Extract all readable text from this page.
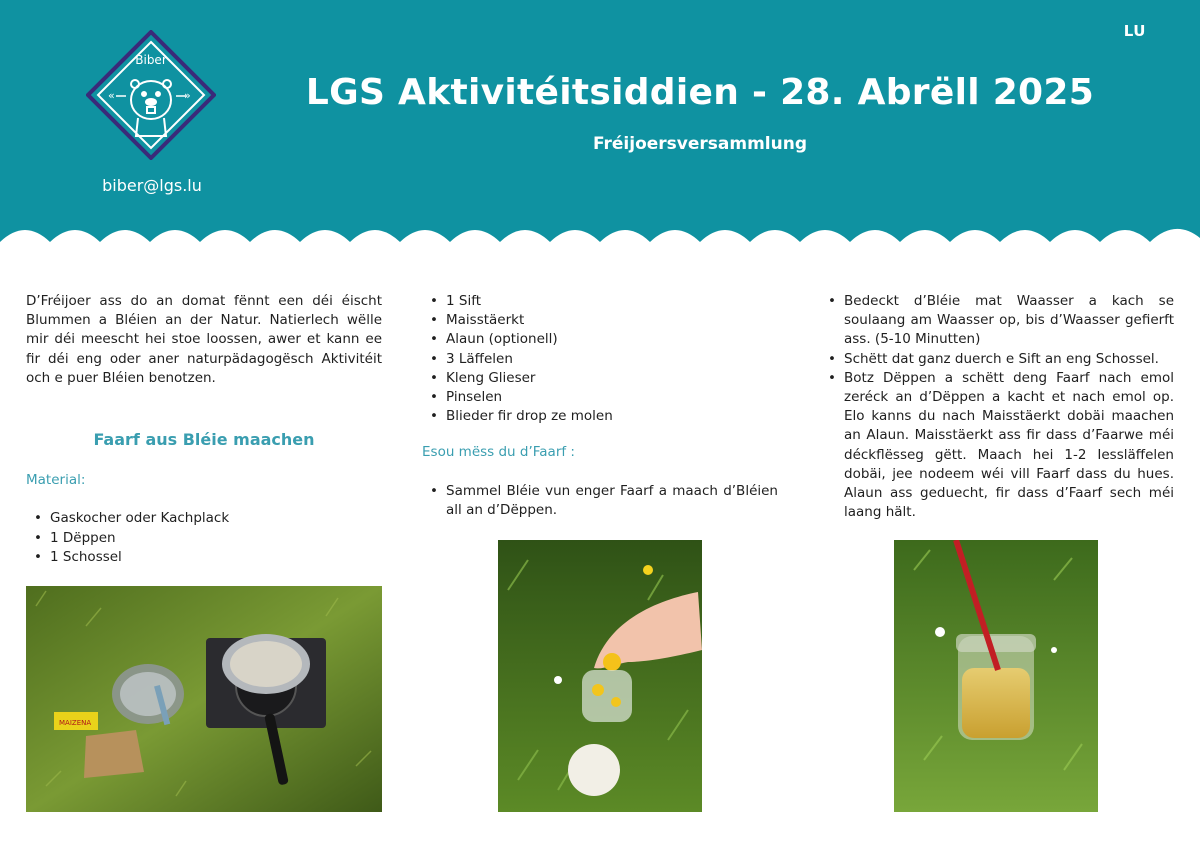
LU
Biber
«	»
biber@lgs.lu
LGS Aktivitéitsiddien - 28. Abrëll 2025
Fréijoersversammlung

D’Fréijoer ass do an domat fënnt een déi éischt Blummen a Bléien an der Natur. Natierlech wëlle mir déi meescht hei stoe loossen, awer et kann ee fir déi eng oder aner naturpädagogësch Aktivitéit och e puer Bléien benotzen.

Faarf aus Bléie maachen
Material:
• Gaskocher oder Kachplack
• 1 Dëppen
• 1 Schossel
• 1 Sift
• Maisstäerkt
• Alaun (optionell)
• 3 Läffelen
• Kleng Glieser
• Pinselen
• Blieder fir drop ze molen
Esou mëss du d’Faarf :
• Sammel Bléie vun enger Faarf a maach d’Bléien all an d’Dëppen.
• Bedeckt d’Bléie mat Waasser a kach se soulaang am Waasser op, bis d’Waasser gefierft ass. (5-10 Minutten)
• Schëtt dat ganz duerch e Sift an eng Schossel.
• Botz Dëppen a schëtt deng Faarf nach emol zeréck an d’Dëppen a kacht et nach emol op. Elo kanns du nach Maisstäerkt dobäi maachen an Alaun. Maisstäerkt ass fir dass d’Faarwe méi déckflësseg gëtt. Maach hei 1-2 Iessläffelen dobäi, jee nodeem wéi vill Faarf dass du hues. Alaun ass geduecht, fir dass d’Faarf sech méi laang hält.
MAIZENA
